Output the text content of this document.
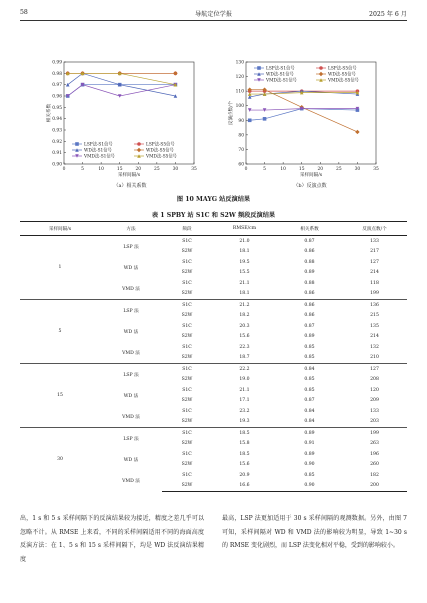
58	导航定位学报	2025 年 6 月
0	5	10	15	20	25	30	35
0.90
0.91
0.92
0.93
0.94
0.95
0.96
0.97
0.98
0.99
采样间隔/s
相关系数
LSP法-S1信号	LSP法-S5信号
WD法-S1信号	WD法-S5信号
VMD法-S1信号	VMD法-S5信号
0	5	10	15	20	25	30	35
60
70
80
90
100
110
120
130
采样间隔/s
反演点数/个
LSP法-S1信号	LSP法-S5信号
WD法-S1信号	WD法-S5信号
VMD法-S1信号	VMD法-S5信号
（a）相关系数	（b）反演点数
图 10 MAYG 站反演结果
表 1 SPBY 站 S1C 和 S2W 频段反演结果
采样间隔/s	方法	频段	RMSE/cm	相关系数	反演点数/个
1	LSP 法	S1C	21.0	0.87	133
		S2W	18.1	0.86	217
	WD 法	S1C	19.5	0.88	127
		S2W	15.5	0.89	214
	VMD 法	S1C	21.1	0.88	118
		S2W	18.1	0.86	199
5	LSP 法	S1C	21.2	0.86	136
		S2W	18.2	0.86	215
	WD 法	S1C	20.3	0.87	135
		S2W	15.6	0.89	214
	VMD 法	S1C	22.3	0.85	132
		S2W	18.7	0.85	210
15	LSP 法	S1C	22.2	0.84	127
		S2W	19.0	0.85	208
	WD 法	S1C	21.1	0.85	120
		S2W	17.1	0.87	209
	VMD 法	S1C	23.2	0.84	133
		S2W	19.3	0.84	203
30	LSP 法	S1C	18.5	0.89	199
		S2W	15.8	0.91	263
	WD 法	S1C	18.5	0.89	196
		S2W	15.6	0.90	260
	VMD 法	S1C	20.9	0.85	182
		S2W	16.6	0.90	200
出，1 s 和 5 s 采样间隔下的反演结果较为接近，精度之差几乎可以忽略不计。从 RMSE 上来看，不同的采样间隔适用不同的海面高度反演方法：在 1、5 s 和 15 s 采样间隔下，均是 WD 法反演结果精度
最高，LSP 法更加适用于 30 s 采样间隔的观测数据。另外，由图 7 可知，采样间隔对 WD 和 VMD 法的影响较为明显，导致 1~30 s 的 RMSE 变化剧烈，而 LSP 法变化相对平稳，受到的影响较小。
